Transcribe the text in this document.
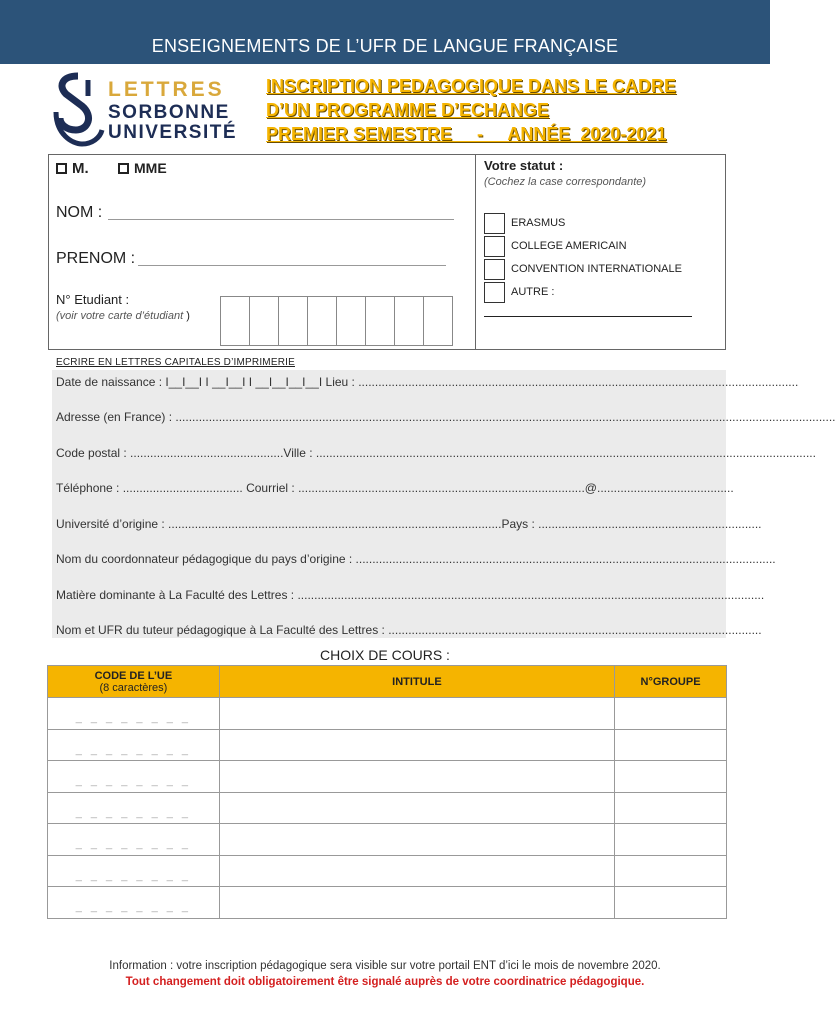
ENSEIGNEMENTS DE L’UFR DE LANGUE FRANÇAISE
LETTRES
SORBONNE
UNIVERSITÉ
INSCRIPTION PEDAGOGIQUE DANS LE CADRE
D’UN PROGRAMME D’ECHANGE
PREMIER SEMESTRE     -     ANNÉE  2020-2021
M.	MME
NOM :
PRENOM :
N° Etudiant :
(voir votre carte d’étudiant )
Votre statut :
(Cochez la case correspondante)
ERASMUS
COLLEGE AMERICAIN
CONVENTION INTERNATIONALE
AUTRE :
ECRIRE EN LETTRES CAPITALES D’IMPRIMERIE
Date de naissance : I__I__I I __I__I I __I__I__I__I Lieu : ....................................................................................................................................
Adresse (en France) : ......................................................................................................................................................................................................
Code postal : ..............................................Ville : ......................................................................................................................................................
Téléphone : .................................... Courriel : ......................................................................................@.........................................
Université d’origine : ....................................................................................................Pays : ...................................................................
Nom du coordonnateur pédagogique du pays d’origine : ..............................................................................................................................
Matière dominante à La Faculté des Lettres : ............................................................................................................................................
Nom et UFR du tuteur pédagogique à La Faculté des Lettres : ................................................................................................................
CHOIX DE COURS :
CODE DE L’UE
(8 caractères)	INTITULE	N°GROUPE
_ _ _ _ _ _ _ _		
_ _ _ _ _ _ _ _		
_ _ _ _ _ _ _ _		
_ _ _ _ _ _ _ _		
_ _ _ _ _ _ _ _		
_ _ _ _ _ _ _ _		
_ _ _ _ _ _ _ _		
Information : votre inscription pédagogique sera visible sur votre portail ENT d’ici le mois de novembre 2020.
Tout changement doit obligatoirement être signalé auprès de votre coordinatrice pédagogique.
